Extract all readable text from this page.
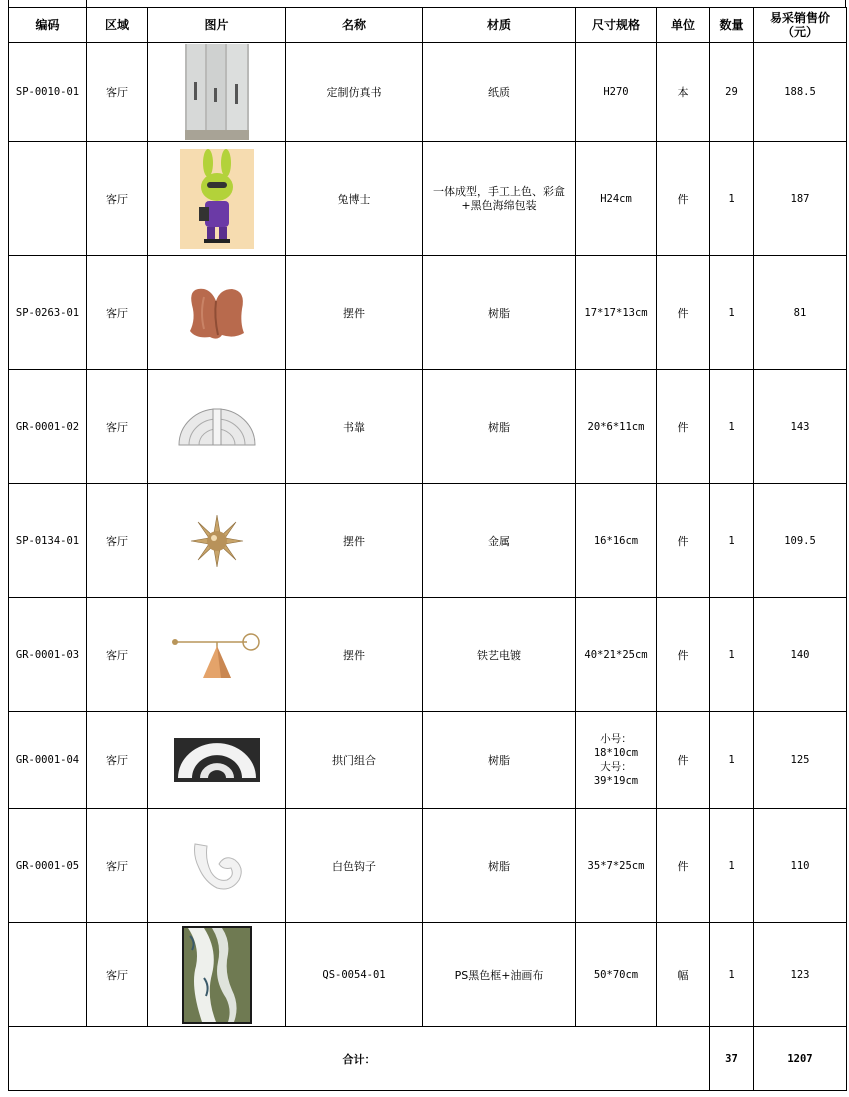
编码	区域	图片	名称	材质	尺寸规格	单位	数量	易采销售价
（元）
SP-0010-01	客厅		定制仿真书	纸质	H270	本	29	188.5
	客厅		兔博士	一体成型，手工上色、彩盒
+黑色海绵包装	H24cm	件	1	187
SP-0263-01	客厅		摆件	树脂	17*17*13cm	件	1	81
GR-0001-02	客厅		书靠	树脂	20*6*11cm	件	1	143
SP-0134-01	客厅		摆件	金属	16*16cm	件	1	109.5
GR-0001-03	客厅		摆件	铁艺电镀	40*21*25cm	件	1	140
GR-0001-04	客厅		拱门组合	树脂	小号：
18*10cm
大号：
39*19cm	件	1	125
GR-0001-05	客厅		白色钩子	树脂	35*7*25cm	件	1	110
	客厅		QS-0054-01	PS黑色框+油画布	50*70cm	幅	1	123
合计：							37	1207
